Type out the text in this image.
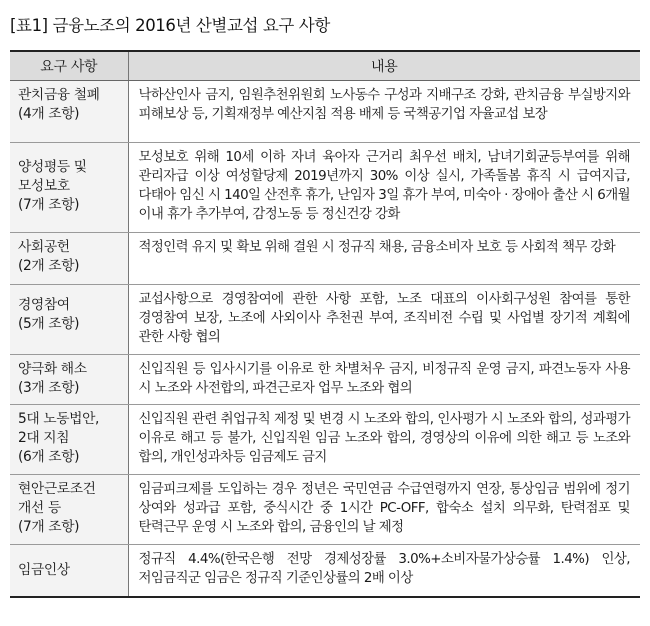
[표1] 금융노조의 2016년 산별교섭 요구 사항
요구 사항	내용

관치금융 철폐
(4개 조항)	낙하산인사 금지, 임원추천위원회 노사동수 구성과 지배구조 강화, 관치금융 부실방지와 피해보상 등, 기획재정부 예산지침 적용 배제 등 국책공기업 자율교섭 보장

양성평등 및
모성보호
(7개 조항)	모성보호 위해 10세 이하 자녀 육아자 근거리 최우선 배치, 남녀기회균등부여를 위해 관리자급 이상 여성할당제 2019년까지 30% 이상 실시, 가족돌봄 휴직 시 급여지급, 다태아 임신 시 140일 산전후 휴가, 난임자 3일 휴가 부여, 미숙아 · 장애아 출산 시 6개월 이내 휴가 추가부여, 감정노동 등 정신건강 강화

사회공헌
(2개 조항)	적정인력 유지 및 확보 위해 결원 시 정규직 채용, 금융소비자 보호 등 사회적 책무 강화

경영참여
(5개 조항)	교섭사항으로 경영참여에 관한 사항 포함, 노조 대표의 이사회구성원 참여를 통한 경영참여 보장, 노조에 사외이사 추천권 부여, 조직비전 수립 및 사업별 장기적 계획에 관한 사항 협의

양극화 해소
(3개 조항)	신입직원 등 입사시기를 이유로 한 차별처우 금지, 비정규직 운영 금지, 파견노동자 사용 시 노조와 사전합의, 파견근로자 업무 노조와 협의

5대 노동법안,
2대 지침
(6개 조항)	신입직원 관련 취업규칙 제정 및 변경 시 노조와 합의, 인사평가 시 노조와 합의, 성과평가 이유로 해고 등 불가, 신입직원 임금 노조와 합의, 경영상의 이유에 의한 해고 등 노조와 합의, 개인성과차등 임금제도 금지

현안근로조건
개선 등
(7개 조항)	임금피크제를 도입하는 경우 정년은 국민연금 수급연령까지 연장, 통상임금 범위에 정기 상여와 성과급 포함, 중식시간 중 1시간 PC-OFF, 합숙소 설치 의무화, 탄력점포 및 탄력근무 운영 시 노조와 합의, 금융인의 날 제정

임금인상	정규직 4.4%(한국은행 전망 경제성장률 3.0%+소비자물가상승률 1.4%) 인상, 저임금직군 임금은 정규직 기준인상률의 2배 이상
